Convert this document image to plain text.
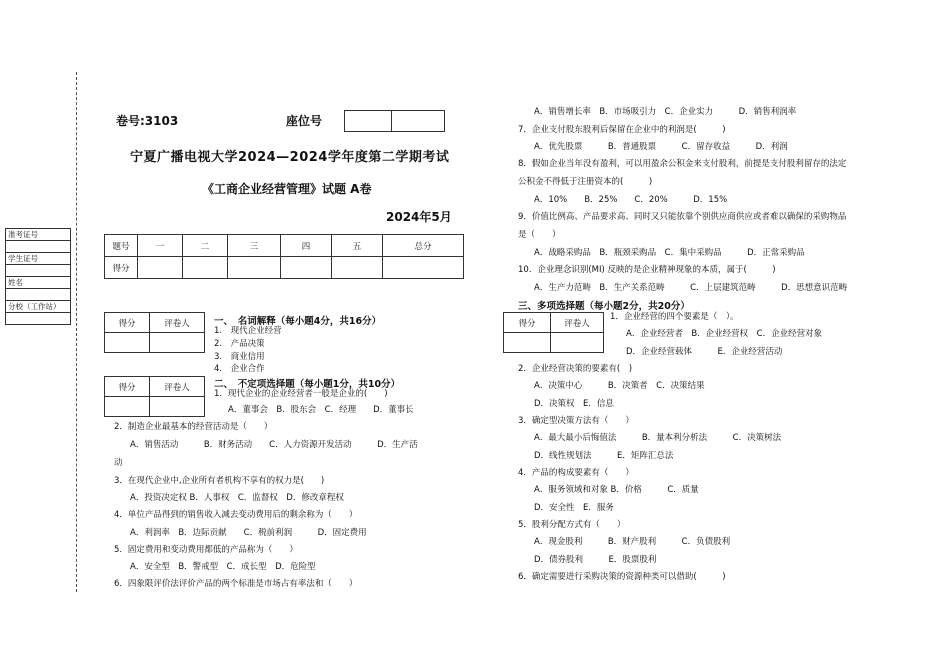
准考证号

学生证号

姓名

分校（工作站）

卷号:3103	座位号

宁夏广播电视大学2024—2024学年度第二学期考试
《工商企业经营管理》试题 A卷
2024年5月
题号	一	二	三	四	五	总分
得分						
得分	评卷人
		一、　名词解释（每小题4分，共16分）
1.　现代企业经营
2.　产品决策
3.　商业信用
4.　企业合作
得分	评卷人
		二、　不定项选择题（每小题1分，共10分）
1．现代企业的企业经营者一般是企业的(　　)
A．董事会　B．股东会　C．经理　　D．董事长
2．制造企业最基本的经营活动是（　　）
A．销售活动　　　B．财务活动　　C．人力资源开发活动　　　D．生产活
动
3．在现代企业中,企业所有者机构不享有的权力是(　　)
A．投资决定权 B．人事权　C．监督权　D．修改章程权
4．单位产品得到的销售收入减去变动费用后的剩余称为（　　）
A．利润率　B．边际贡献　　C．税前利润　　　D．固定费用
5．固定费用和变动费用都低的产品称为（　　）
A．安全型　B．警戒型　C．成长型　D．危险型
6．四象限评价法评价产品的两个标准是市场占有率法和（　　）
A．销售增长率　B．市场吸引力　C．企业实力　　　D．销售利润率
7．企业支付股东股利后保留在企业中的利润是(　　　)
A．优先股票　　　B．普通股票　　　C．留存收益　　　D．利润
8．假如企业当年没有盈利，可以用盈余公积金来支付股利，前提是支付股利留存的法定
公积金不得低于注册资本的(　　　)
A．10%　　B．25%　　C．20%　　　D．15%
9．价值比例高、产品要求高、同时又只能依靠个别供应商供应或者难以确保的采购物品
是（　　）
A．战略采购品　B．瓶颈采购品　C．集中采购品　　　D．正常采购品
10．企业理念识别(MI) 反映的是企业精神现象的本质，属于(　　　)
A．生产力范畴　B．生产关系范畴　　　C．上层建筑范畴　　　D．思想意识范畴
三、多项选择题（每小题2分，共20分）
得分	评卷人

1．企业经营的四个要素是（　）。
A．企业经营者　B．企业经营权　C．企业经营对象
D．企业经营载体　　　E．企业经营活动
2．企业经营决策的要素有(　)
A．决策中心　　　B．决策者　C．决策结果
D．决策权　E．信息
3．确定型决策方法有（　　）
A．最大最小后悔值法　　　B．量本利分析法　　　C．决策树法
D．线性规划法　　　E．矩阵汇总法
4．产品的构成要素有（　　）
A．服务领域和对象 B．价格　　　C．质量
D．安全性　E．服务
5．股利分配方式有（　　）
A．现金股利　　　B．财产股利　　　C．负债股利
D．债券股利　　　E．股票股利
6．确定需要进行采购决策的资源种类可以借助(　　　)
